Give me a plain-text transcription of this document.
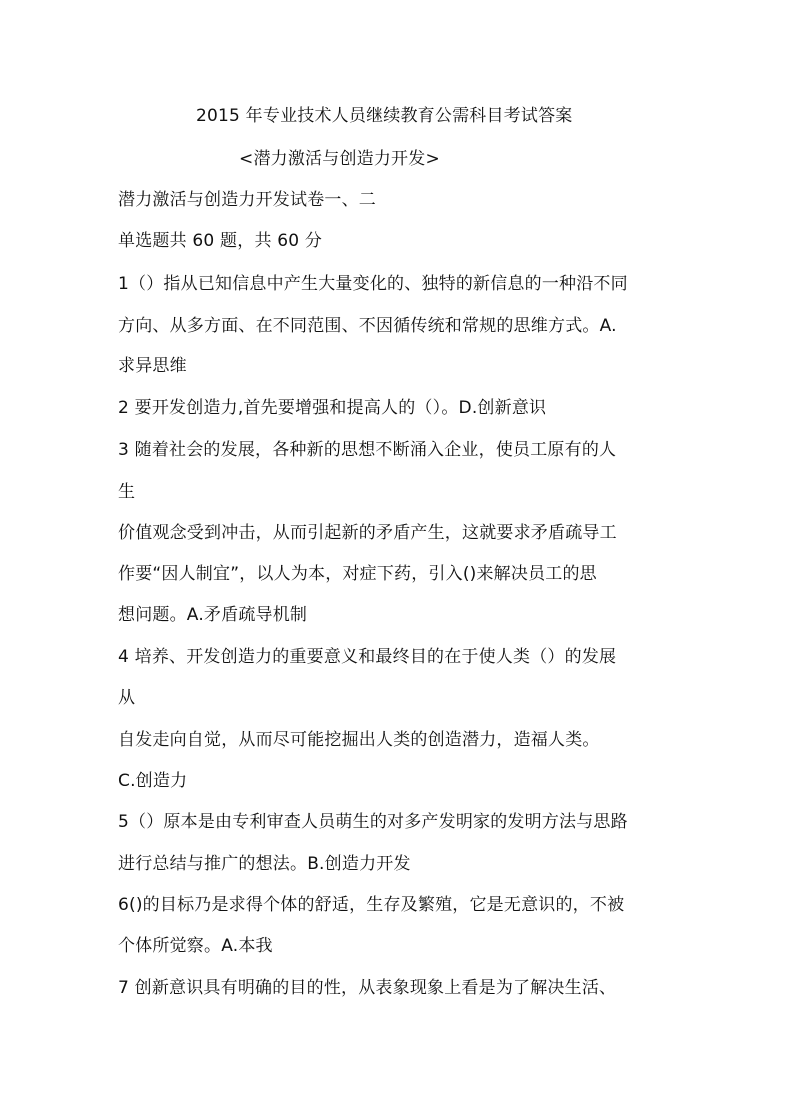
2015 年专业技术人员继续教育公需科目考试答案
<潜力激活与创造力开发>
潜力激活与创造力开发试卷一、二
单选题共 60 题，共 60 分
1（）指从已知信息中产生大量变化的、独特的新信息的一种沿不同
方向、从多方面、在不同范围、不因循传统和常规的思维方式。A.
求异思维
2 要开发创造力,首先要增强和提高人的（）。D.创新意识
3 随着社会的发展，各种新的思想不断涌入企业，使员工原有的人
生
价值观念受到冲击，从而引起新的矛盾产生，这就要求矛盾疏导工
作要“因人制宜”，以人为本，对症下药，引入()来解决员工的思
想问题。A.矛盾疏导机制
4 培养、开发创造力的重要意义和最终目的在于使人类（）的发展
从
自发走向自觉，从而尽可能挖掘出人类的创造潜力，造福人类。
C.创造力
5（）原本是由专利审查人员萌生的对多产发明家的发明方法与思路
进行总结与推广的想法。B.创造力开发
6()的目标乃是求得个体的舒适，生存及繁殖，它是无意识的，不被
个体所觉察。A.本我
7 创新意识具有明确的目的性，从表象现象上看是为了解决生活、
